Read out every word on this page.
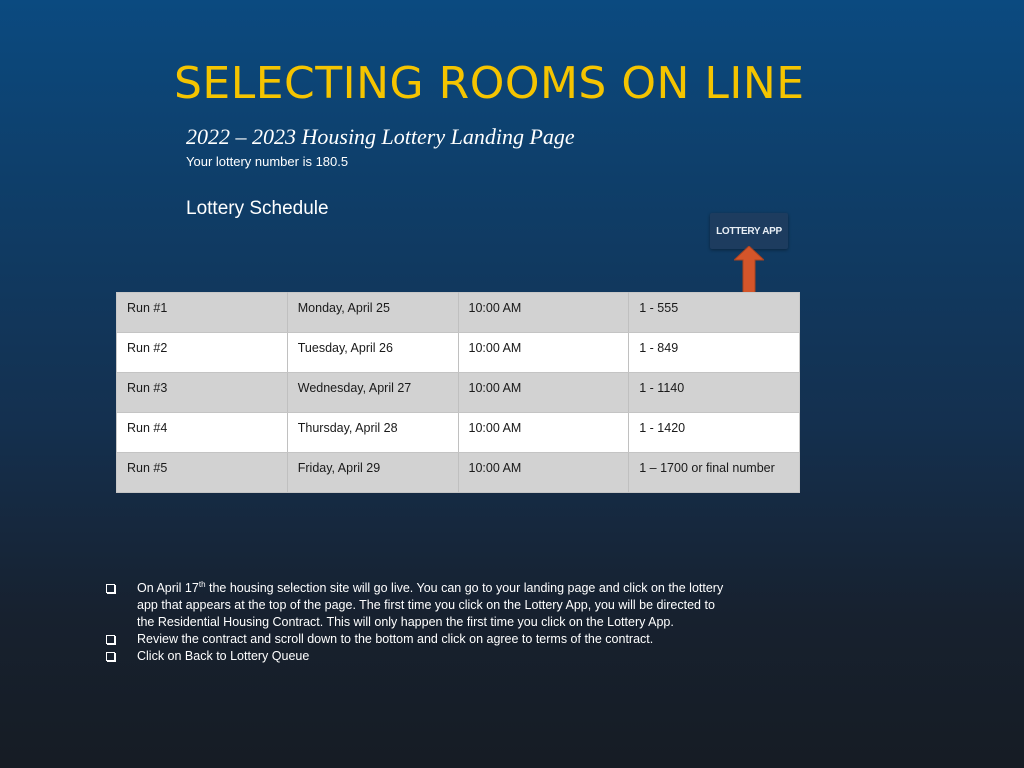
SELECTING ROOMS ON LINE
2022 – 2023 Housing Lottery Landing Page
Your lottery number is 180.5
Lottery Schedule
LOTTERY APP
Run #1	Monday, April 25	10:00 AM	1 - 555
Run #2	Tuesday, April 26	10:00 AM	1 - 849
Run #3	Wednesday, April 27	10:00 AM	1 - 1140
Run #4	Thursday, April 28	10:00 AM	1 - 1420
Run #5	Friday, April 29	10:00 AM	1 – 1700 or final number
On April 17th the housing selection site will go live. You can go to your landing page and click on the lottery app that appears at the top of the page. The first time you click on the Lottery App, you will be directed to the Residential Housing Contract. This will only happen the first time you click on the Lottery App.
Review the contract and scroll down to the bottom and click on agree to terms of the contract.
Click on Back to Lottery Queue
